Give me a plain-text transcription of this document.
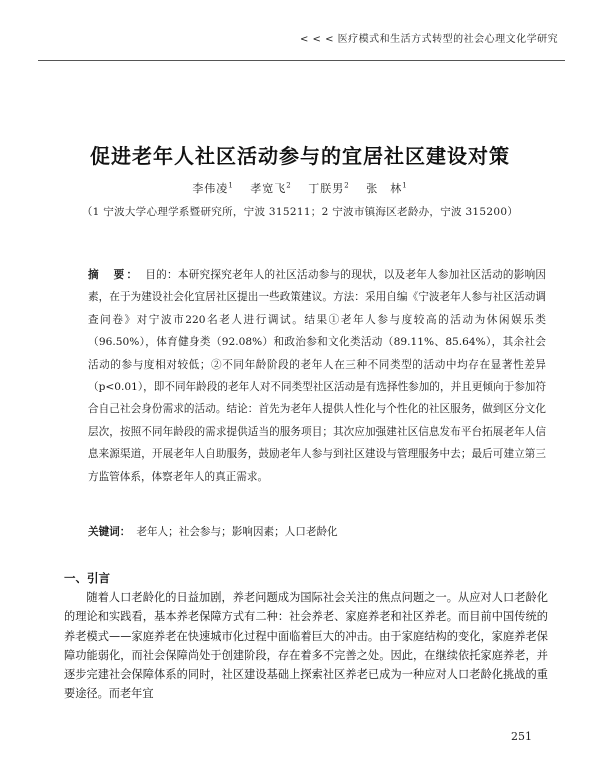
< < < 医疗模式和生活方式转型的社会心理文化学研究
促进老年人社区活动参与的宜居社区建设对策
李伟凌$^1$ 孝宽飞$^2$ 丁朕男$^2$ 张　林$^1$
（1 宁波大学心理学系暨研究所，宁波 315211；2 宁波市镇海区老龄办，宁波 315200）
摘　要： 目的：本研究探究老年人的社区活动参与的现状，以及老年人参加社区活动的影响因素，在于为建设社会化宜居社区提出一些政策建议。方法：采用自编《宁波老年人参与社区活动调查问卷》对宁波市220名老人进行调试。结果①老年人参与度较高的活动为休闲娱乐类（96.50%），体育健身类（92.08%）和政治参和文化类活动（89.11%、85.64%），其余社会活动的参与度相对较低；②不同年龄阶段的老年人在三种不同类型的活动中均存在显著性差异（p<0.01），即不同年龄段的老年人对不同类型社区活动是有选择性参加的，并且更倾向于参加符合自己社会身份需求的活动。结论：首先为老年人提供人性化与个性化的社区服务，做到区分文化层次，按照不同年龄段的需求提供适当的服务项目；其次应加强建社区信息发布平台拓展老年人信息来源渠道，开展老年人自助服务，鼓励老年人参与到社区建设与管理服务中去；最后可建立第三方监管体系，体察老年人的真正需求。
关键词： 老年人；社会参与；影响因素；人口老龄化
一、引言
随着人口老龄化的日益加剧，养老问题成为国际社会关注的焦点问题之一。从应对人口老龄化的理论和实践看，基本养老保障方式有二种：社会养老、家庭养老和社区养老。而目前中国传统的养老模式——家庭养老在快速城市化过程中面临着巨大的冲击。由于家庭结构的变化，家庭养老保障功能弱化，而社会保障尚处于创建阶段，存在着多不完善之处。因此，在继续依托家庭养老，并逐步完建社会保障体系的同时，社区建设基础上探索社区养老已成为一种应对人口老龄化挑战的重要途径。而老年宜
251
